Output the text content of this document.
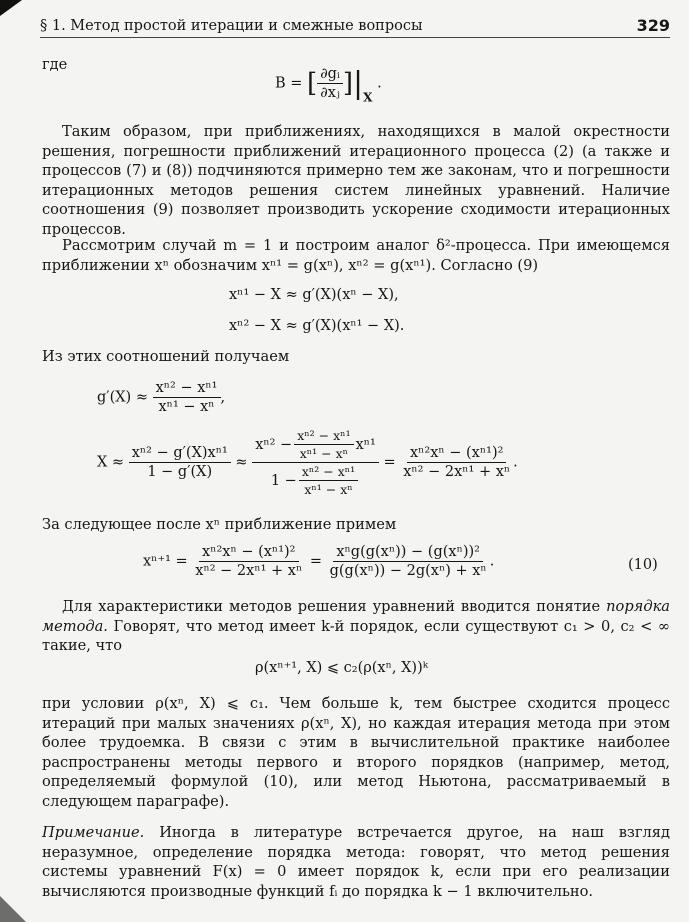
§ 1. Метод простой итерации и смежные вопросы	329
где
B = [ $\frac{\text{∂gᵢ}}{\text{∂xⱼ}} ]|_X$ .
Таким образом, при приближениях, находящихся в малой окрестности решения, погрешности приближений итерационного процесса (2) (а также и процессов (7) и (8)) подчиняются примерно тем же законам, что и погрешности итерационных методов решения систем линейных уравнений. Наличие соотношения (9) позволяет производить ускорение сходимости итерационных процессов.
Рассмотрим случай m = 1 и построим аналог δ²-процесса. При имеющемся приближении xⁿ обозначим xⁿ¹ = g(xⁿ), xⁿ² = g(xⁿ¹). Согласно (9)
xⁿ¹ − X ≈ g′(X)(xⁿ − X),
xⁿ² − X ≈ g′(X)(xⁿ¹ − X).
Из этих соотношений получаем
$g'(X) \approx \frac{\text{xⁿ² − xⁿ¹}}{\text{xⁿ¹ − xⁿ}}$ ,
$X \approx \frac{\text{xⁿ² − g′(X)xⁿ¹}}{1 - g'(X)} \approx \frac{x^{n2} - \frac{\text{xⁿ² − xⁿ¹}}{\text{xⁿ¹ − xⁿ}} x^{n1}}{1 - \frac{\text{xⁿ² − xⁿ¹}}{\text{xⁿ¹ − xⁿ}}} = \frac{\text{xⁿ²xⁿ − (xⁿ¹)²}}{\text{xⁿ² − 2xⁿ¹ + xⁿ}}$ .
За следующее после xⁿ приближение примем
$x^{n+1} = \frac{\text{xⁿ²xⁿ − (xⁿ¹)²}}{\text{xⁿ² − 2xⁿ¹ + xⁿ}} = \frac{\text{xⁿg(g(xⁿ)) − (g(xⁿ))²}}{\text{g(g(xⁿ)) − 2g(xⁿ) + xⁿ}}$ .	(10)
Для характеристики методов решения уравнений вводится понятие порядка метода. Говорят, что метод имеет k-й порядок, если существуют c₁ > 0, c₂ < ∞ такие, что
ρ(xⁿ⁺¹, X) ⩽ c₂(ρ(xⁿ, X))ᵏ
при условии ρ(xⁿ, X) ⩽ c₁. Чем больше k, тем быстрее сходится процесс итераций при малых значениях ρ(xⁿ, X), но каждая итерация метода при этом более трудоемка. В связи с этим в вычислительной практике наиболее распространены методы первого и второго порядков (например, метод, определяемый формулой (10), или метод Ньютона, рассматриваемый в следующем параграфе).
Примечание. Иногда в литературе встречается другое, на наш взгляд неразумное, определение порядка метода: говорят, что метод решения системы уравнений F(x) = 0 имеет порядок k, если при его реализации вычисляются производные функций fᵢ до порядка k − 1 включительно.
